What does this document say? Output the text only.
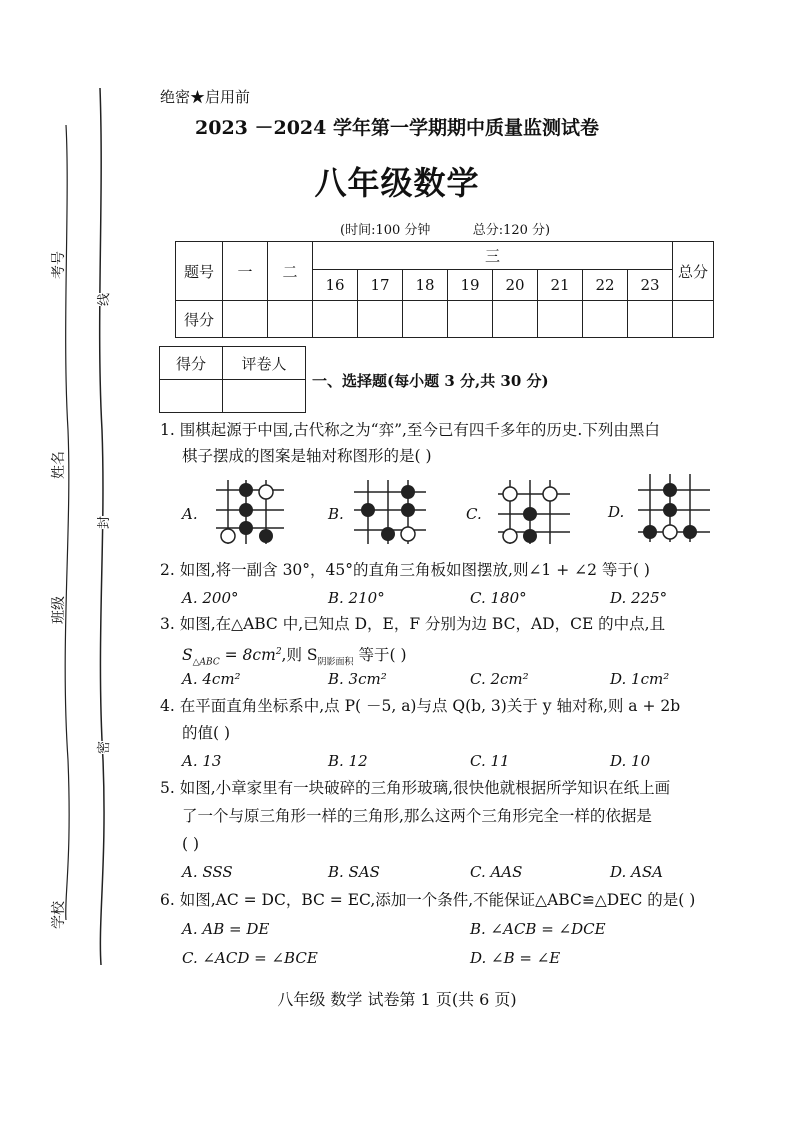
考号
姓名
班级
学校
线
封
密
绝密★启用前
2023 －2024 学年第一学期期中质量监测试卷
八年级数学
(时间:100 分钟	总分:120 分)
题号	一	二	三								总分
			16	17	18	19	20	21	22	23	
得分											
得分	评卷人

一、选择题(每小题 3 分,共 30 分)
1. 围棋起源于中国,古代称之为“弈”,至今已有四千多年的历史.下列由黑白
棋子摆成的图案是轴对称图形的是( )
A.	B.	C.	D.
2. 如图,将一副含 30°，45°的直角三角板如图摆放,则∠1 + ∠2 等于( )
A. 200°	B. 210°	C. 180°	D. 225°
3. 如图,在△ABC 中,已知点 D，E，F 分别为边 BC，AD，CE 的中点,且
$S_{\triangle ABC} = 8cm^2$,则 $S_{阴影面积}$ 等于( )
A. 4cm²	B. 3cm²	C. 2cm²	D. 1cm²
4. 在平面直角坐标系中,点 P( －5, a)与点 Q(b, 3)关于 y 轴对称,则 a + 2b
的值( )
A. 13	B. 12	C. 11	D. 10
5. 如图,小章家里有一块破碎的三角形玻璃,很快他就根据所学知识在纸上画
了一个与原三角形一样的三角形,那么这两个三角形完全一样的依据是
( )
A. SSS	B. SAS	C. AAS	D. ASA
6. 如图,AC = DC，BC = EC,添加一个条件,不能保证△ABC≌△DEC 的是( )
A. AB = DE	B. ∠ACB = ∠DCE
C. ∠ACD = ∠BCE	D. ∠B = ∠E
八年级 数学 试卷第 1 页(共 6 页)
